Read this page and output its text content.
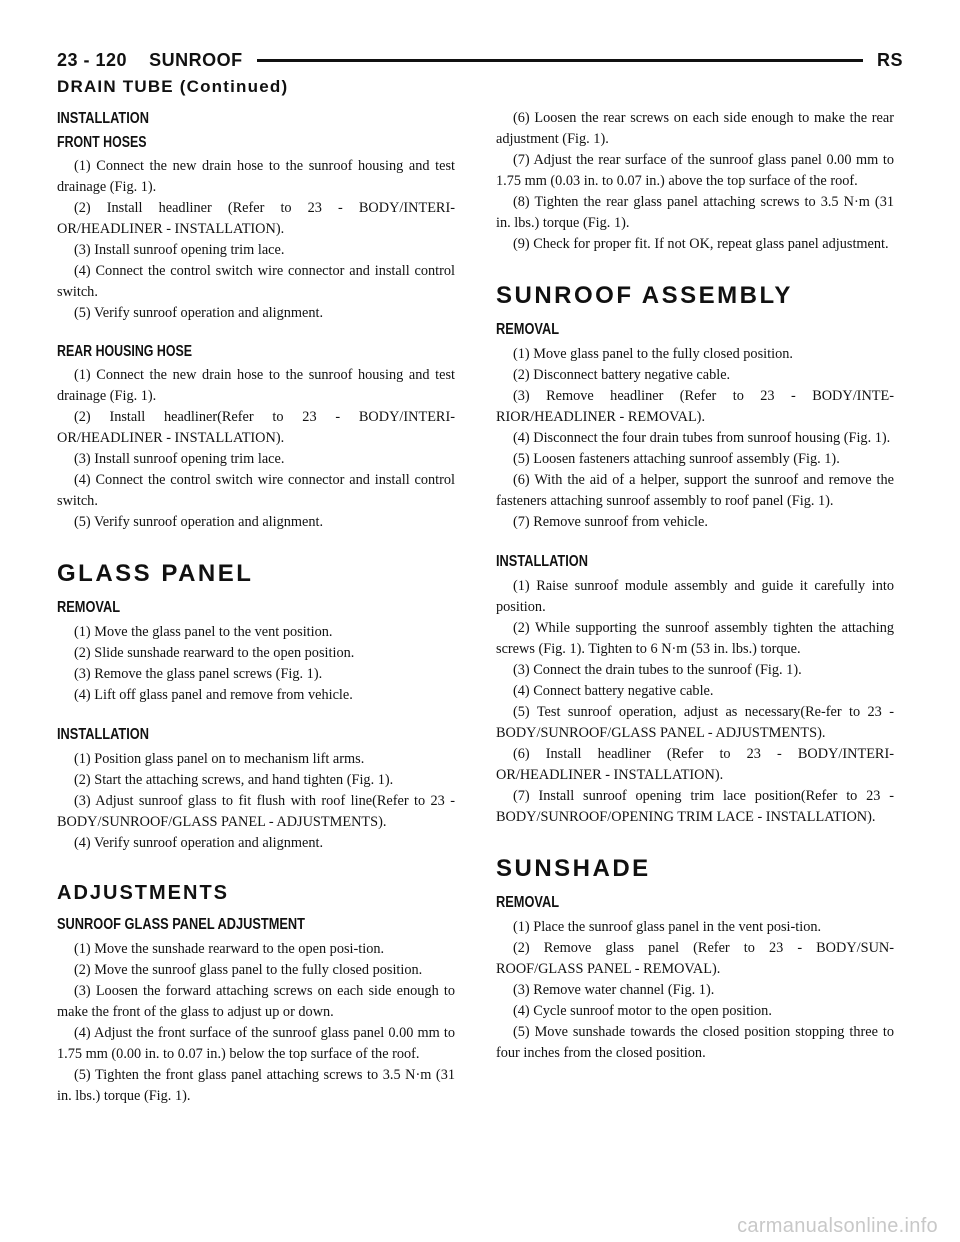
23 - 120 SUNROOF	RS
DRAIN TUBE (Continued)
INSTALLATION
FRONT HOSES

(1) Connect the new drain hose to the sunroof housing and test drainage (Fig. 1).

(2) Install headliner (Refer to 23 - BODY/INTERI-OR/HEADLINER - INSTALLATION).

(3) Install sunroof opening trim lace.

(4) Connect the control switch wire connector and install control switch.

(5) Verify sunroof operation and alignment.

REAR HOUSING HOSE

(1) Connect the new drain hose to the sunroof housing and test drainage (Fig. 1).

(2) Install headliner(Refer to 23 - BODY/INTERI-OR/HEADLINER - INSTALLATION).

(3) Install sunroof opening trim lace.

(4) Connect the control switch wire connector and install control switch.

(5) Verify sunroof operation and alignment.

GLASS PANEL
REMOVAL

(1) Move the glass panel to the vent position.

(2) Slide sunshade rearward to the open position.

(3) Remove the glass panel screws (Fig. 1).

(4) Lift off glass panel and remove from vehicle.

INSTALLATION

(1) Position glass panel on to mechanism lift arms.

(2) Start the attaching screws, and hand tighten (Fig. 1).

(3) Adjust sunroof glass to fit flush with roof line(Refer to 23 - BODY/SUNROOF/GLASS PANEL - ADJUSTMENTS).

(4) Verify sunroof operation and alignment.

ADJUSTMENTS
SUNROOF GLASS PANEL ADJUSTMENT

(1) Move the sunshade rearward to the open posi-tion.

(2) Move the sunroof glass panel to the fully closed position.

(3) Loosen the forward attaching screws on each side enough to make the front of the glass to adjust up or down.

(4) Adjust the front surface of the sunroof glass panel 0.00 mm to 1.75 mm (0.00 in. to 0.07 in.) below the top surface of the roof.

(5) Tighten the front glass panel attaching screws to 3.5 N·m (31 in. lbs.) torque (Fig. 1).

(6) Loosen the rear screws on each side enough to make the rear adjustment (Fig. 1).

(7) Adjust the rear surface of the sunroof glass panel 0.00 mm to 1.75 mm (0.03 in. to 0.07 in.) above the top surface of the roof.

(8) Tighten the rear glass panel attaching screws to 3.5 N·m (31 in. lbs.) torque (Fig. 1).

(9) Check for proper fit. If not OK, repeat glass panel adjustment.

SUNROOF ASSEMBLY
REMOVAL

(1) Move glass panel to the fully closed position.

(2) Disconnect battery negative cable.

(3) Remove headliner (Refer to 23 - BODY/INTE-RIOR/HEADLINER - REMOVAL).

(4) Disconnect the four drain tubes from sunroof housing (Fig. 1).

(5) Loosen fasteners attaching sunroof assembly (Fig. 1).

(6) With the aid of a helper, support the sunroof and remove the fasteners attaching sunroof assembly to roof panel (Fig. 1).

(7) Remove sunroof from vehicle.

INSTALLATION

(1) Raise sunroof module assembly and guide it carefully into position.

(2) While supporting the sunroof assembly tighten the attaching screws (Fig. 1). Tighten to 6 N·m (53 in. lbs.) torque.

(3) Connect the drain tubes to the sunroof (Fig. 1).

(4) Connect battery negative cable.

(5) Test sunroof operation, adjust as necessary(Re-fer to 23 - BODY/SUNROOF/GLASS PANEL - ADJUSTMENTS).

(6) Install headliner (Refer to 23 - BODY/INTERI-OR/HEADLINER - INSTALLATION).

(7) Install sunroof opening trim lace position(Refer to 23 - BODY/SUNROOF/OPENING TRIM LACE - INSTALLATION).

SUNSHADE
REMOVAL

(1) Place the sunroof glass panel in the vent posi-tion.

(2) Remove glass panel (Refer to 23 - BODY/SUN-ROOF/GLASS PANEL - REMOVAL).

(3) Remove water channel (Fig. 1).

(4) Cycle sunroof motor to the open position.

(5) Move sunshade towards the closed position stopping three to four inches from the closed position.

carmanualsonline.info
